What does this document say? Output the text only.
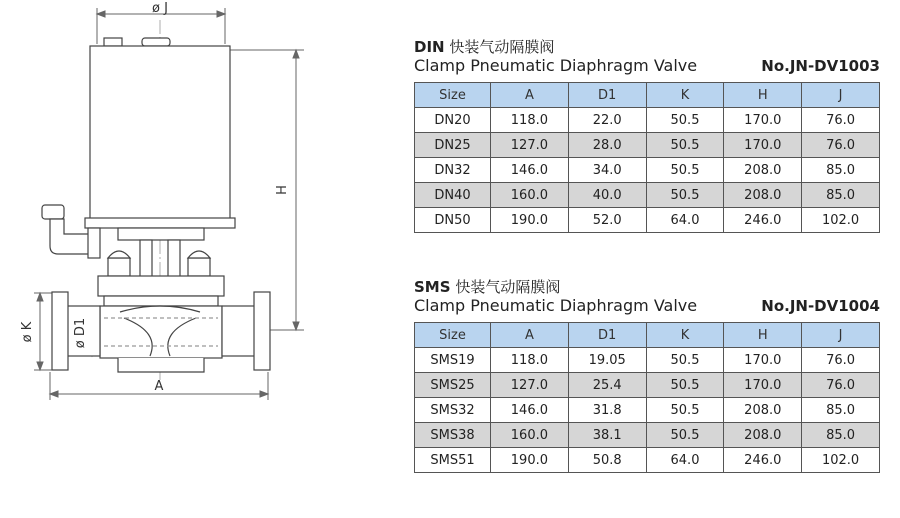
ø J
H
ø K	ø D1
A
DIN 快装气动隔膜阀
Clamp Pneumatic Diaphragm Valve	No.JN-DV1003
Size	A	D1	K	H	J
DN20	118.0	22.0	50.5	170.0	76.0
DN25	127.0	28.0	50.5	170.0	76.0
DN32	146.0	34.0	50.5	208.0	85.0
DN40	160.0	40.0	50.5	208.0	85.0
DN50	190.0	52.0	64.0	246.0	102.0
SMS 快装气动隔膜阀
Clamp Pneumatic Diaphragm Valve	No.JN-DV1004
Size	A	D1	K	H	J
SMS19	118.0	19.05	50.5	170.0	76.0
SMS25	127.0	25.4	50.5	170.0	76.0
SMS32	146.0	31.8	50.5	208.0	85.0
SMS38	160.0	38.1	50.5	208.0	85.0
SMS51	190.0	50.8	64.0	246.0	102.0
